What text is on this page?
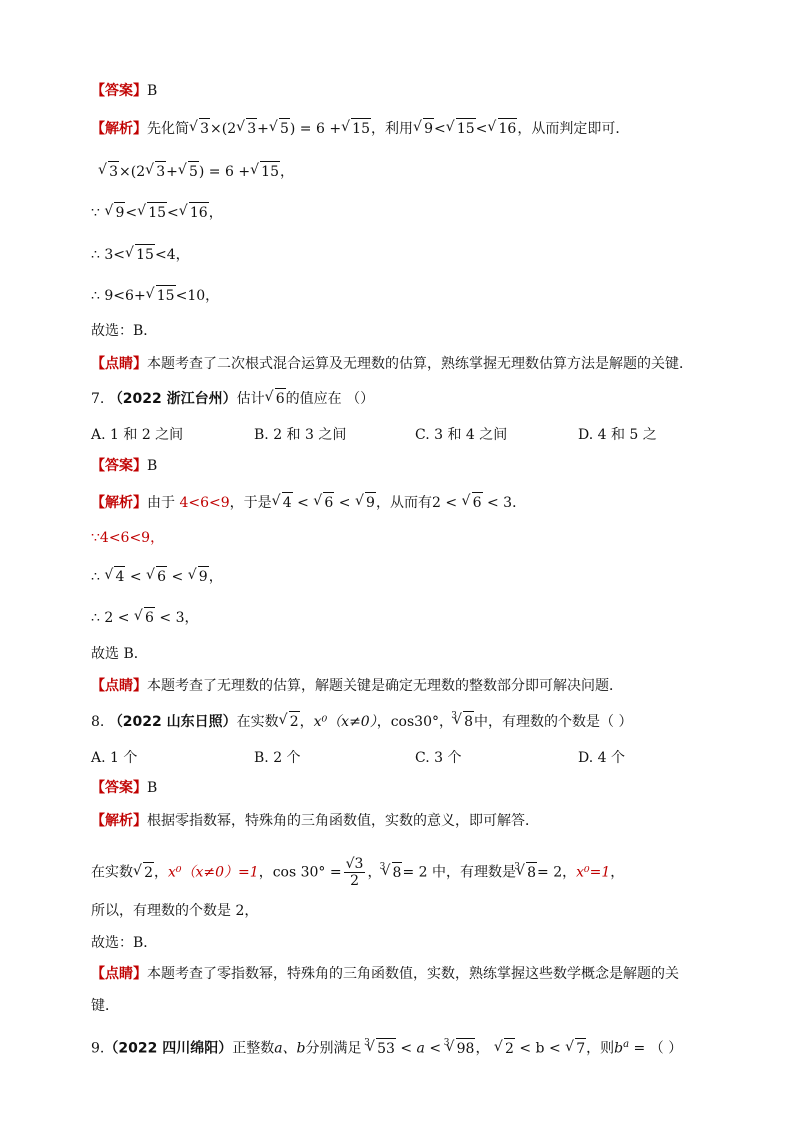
【答案】B
【解析】先化简 √ 3×(2 √ 3+ √ 5) = 6 + √ 15，利用 √ 9< √ 15< √ 16，从而判定即可．
√ 3×(2 √ 3+ √ 5) = 6 + √ 15，
∵ √ 9< √ 15< √ 16，
∴ 3< √ 15<4，
∴ 9<6+ √ 15<10，
故选：B．
【点睛】本题考查了二次根式混合运算及无理数的估算，熟练掌握无理数估算方法是解题的关键．
7. （2022 浙江台州）估计 √ 6的值应在 （）
A. 1 和 2 之间	B. 2 和 3 之间	C. 3 和 4 之间	D. 4 和 5 之
【答案】B
【解析】由于 4<6<9，于是 √ 4 < √ 6 < √ 9，从而有2 < √ 6 < 3．
∵4<6<9，
∴ √ 4 < √ 6 < √ 9，
∴ 2 < √ 6 < 3，
故选 B．
【点睛】本题考查了无理数的估算，解题关键是确定无理数的整数部分即可解决问题．
8. （2022 山东日照）在实数 √ 2，x⁰（x≠0），cos30°，
√ 3 8中，有理数的个数是（ ）
A. 1 个	B. 2 个	C. 3 个	D. 4 个
【答案】B
【解析】根据零指数幂，特殊角的三角函数值，实数的意义，即可解答．
在实数 √ 2，x⁰（x≠0）=1，$\cos 30^\circ = \frac{√3}{2}$ ，
√ 3 8= 2 中，有理数是
√ 3 8= 2，x⁰=1，
所以，有理数的个数是 2，
故选：B．
【点睛】本题考查了零指数幂，特殊角的三角函数值，实数，熟练掌握这些数学概念是解题的关
键．
9.（2022 四川绵阳）正整数a、b分别满足 √ 3 53 < a < √ 3 98， √ 2 < b < √ 7，则$b^a$ = （ ）
